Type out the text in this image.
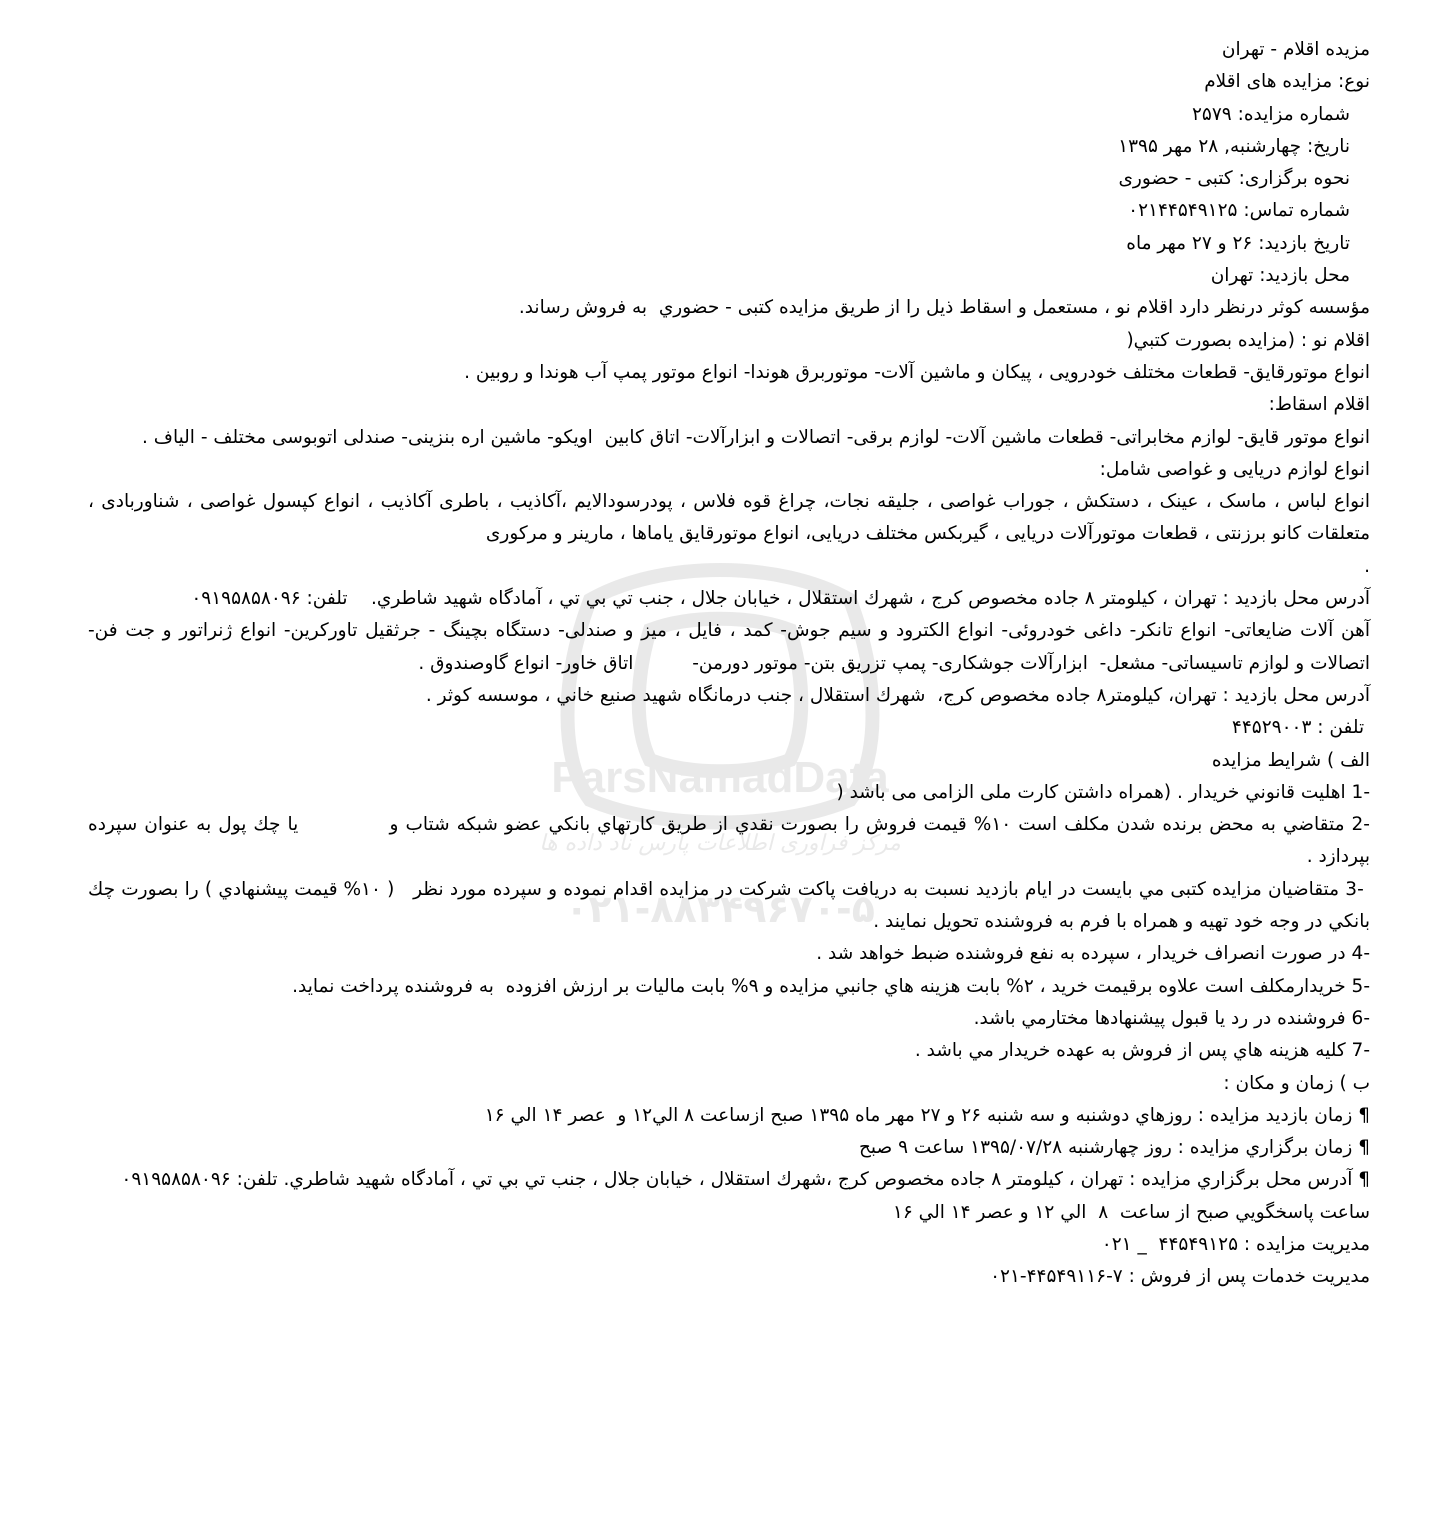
ParsNamadData
مرکز فراوری اطلاعات پارس ناد داده ها
۰۲۱-۸۸۳۴۹۶۷۰-۵

مزيده اقلام - تهران

نوع: مزايده هاى اقلام

شماره مزایده: ۲۵۷۹

ناريخ: چهارشنبه, ۲۸ مهر ۱۳۹۵

نحوه برگزارى: کتبى - حضورى

شماره تماس: ۰۲۱۴۴۵۴۹۱۲۵

تاريخ بازديد: ۲۶ و ۲۷ مهر ماه

محل بازدید: تهران

مؤسسه کوثر درنظر دارد اقلام نو ، مستعمل و اسقاط ذیل را از طریق مزایده کتبی - حضوري  به فروش رساند.

اقلام نو : (مزایده بصورت کتبي(

انواع موتورقایق- قطعات مختلف خودرویی ، پیکان و ماشین آلات- موتوربرق هوندا- انواع موتور پمپ آب هوندا و روبین .

اقلام اسقاط:

انواع موتور قایق- لوازم مخابراتی- قطعات ماشین آلات- لوازم برقی- اتصالات و ابزارآلات- اتاق کابین  اویکو- ماشین اره بنزینی- صندلی اتوبوسی مختلف - الیاف .

انواع لوازم دریایی و غواصی شامل:

انواع لباس ، ماسک ، عینک ، دستکش ، جوراب غواصی ، جلیقه نجات، چراغ قوه فلاس ، پودرسودالایم ،آکاذیب ، باطری آکاذیب ، انواع کپسول غواصی ، شناوربادی ، متعلقات کانو برزنتی ، قطعات موتورآلات دریایی ، گیربکس مختلف دریایی، انواع موتورقایق یاماها ، مارینر و مرکوری

.

آدرس محل بازدید : تهران ، کیلومتر ۸ جاده مخصوص کرج ، شهرك استقلال ، خیابان جلال ، جنب تي بي تي ، آمادگاه شهید شاطري.    تلفن: ۰۹۱۹۵۸۵۸۰۹۶

آهن آلات ضایعاتی- انواع تانکر- داغی خودروئی- انواع الکترود و سیم جوش- کمد ، فایل ، میز و صندلی- دستگاه بچینگ - جرثقیل تاورکرین- انواع ژنراتور و جت فن- اتصالات و لوازم تاسیساتی- مشعل-  ابزارآلات جوشکاری- پمپ تزریق بتن- موتور دورمن-          اتاق خاور- انواع گاوصندوق .

آدرس محل بازدید : تهران، کیلومتر۸ جاده مخصوص کرج،  شهرك استقلال ، جنب درمانگاه شهید صنیع خاني ، موسسه کوثر .

تلفن : ۴۴۵۲۹۰۰۳

الف ) شرایط مزایده

-1 اهلیت قانوني خریدار . (همراه داشتن کارت ملی الزامی می باشد (

-2 متقاضي به محض برنده شدن مکلف است ۱۰% قیمت فروش را بصورت نقدي از طریق کارتهاي بانکي عضو شبکه شتاب و             یا چك پول به عنوان سپرده بپردازد .

-3 متقاضیان مزایده کتبی مي بایست در ایام بازدید نسبت به دریافت پاکت شرکت در مزایده اقدام نموده و سپرده مورد نظر   ( ۱۰% قیمت پیشنهادي ) را بصورت چك بانکي در وجه خود تهیه و همراه با فرم به فروشنده تحویل نمایند .

-4 در صورت انصراف خریدار ، سپرده به نفع فروشنده ضبط خواهد شد .

-5 خریدارمکلف است علاوه برقیمت خرید ، ۲% بابت هزینه هاي جانبي مزایده و ۹% بابت مالیات بر ارزش افزوده  به فروشنده پرداخت نماید.

-6 فروشنده در رد یا قبول پیشنهادها مختارمي باشد.

-7 کلیه هزینه هاي پس از فروش به عهده خریدار مي باشد .

ب ) زمان و مکان :

¶ زمان بازدید مزایده : روزهاي دوشنبه و سه شنبه ۲۶ و ۲۷ مهر ماه ۱۳۹۵ صبح ازساعت ۸ الي۱۲ و  عصر ۱۴ الي ۱۶

¶ زمان برگزاري مزایده : روز چهارشنبه ۱۳۹۵/۰۷/۲۸ ساعت ۹ صبح

¶ آدرس محل برگزاري مزایده : تهران ، کیلومتر ۸ جاده مخصوص کرج ،شهرك استقلال ، خیابان جلال ، جنب تي بي تي ، آمادگاه شهید شاطري. تلفن: ۰۹۱۹۵۸۵۸۰۹۶

ساعت پاسخگویي صبح از ساعت  ۸  الي ۱۲ و عصر ۱۴ الي ۱۶

مدیریت مزایده : ۴۴۵۴۹۱۲۵  _ ۰۲۱

مدیریت خدمات پس از فروش : ۷-۴۴۵۴۹۱۱۶-۰۲۱
